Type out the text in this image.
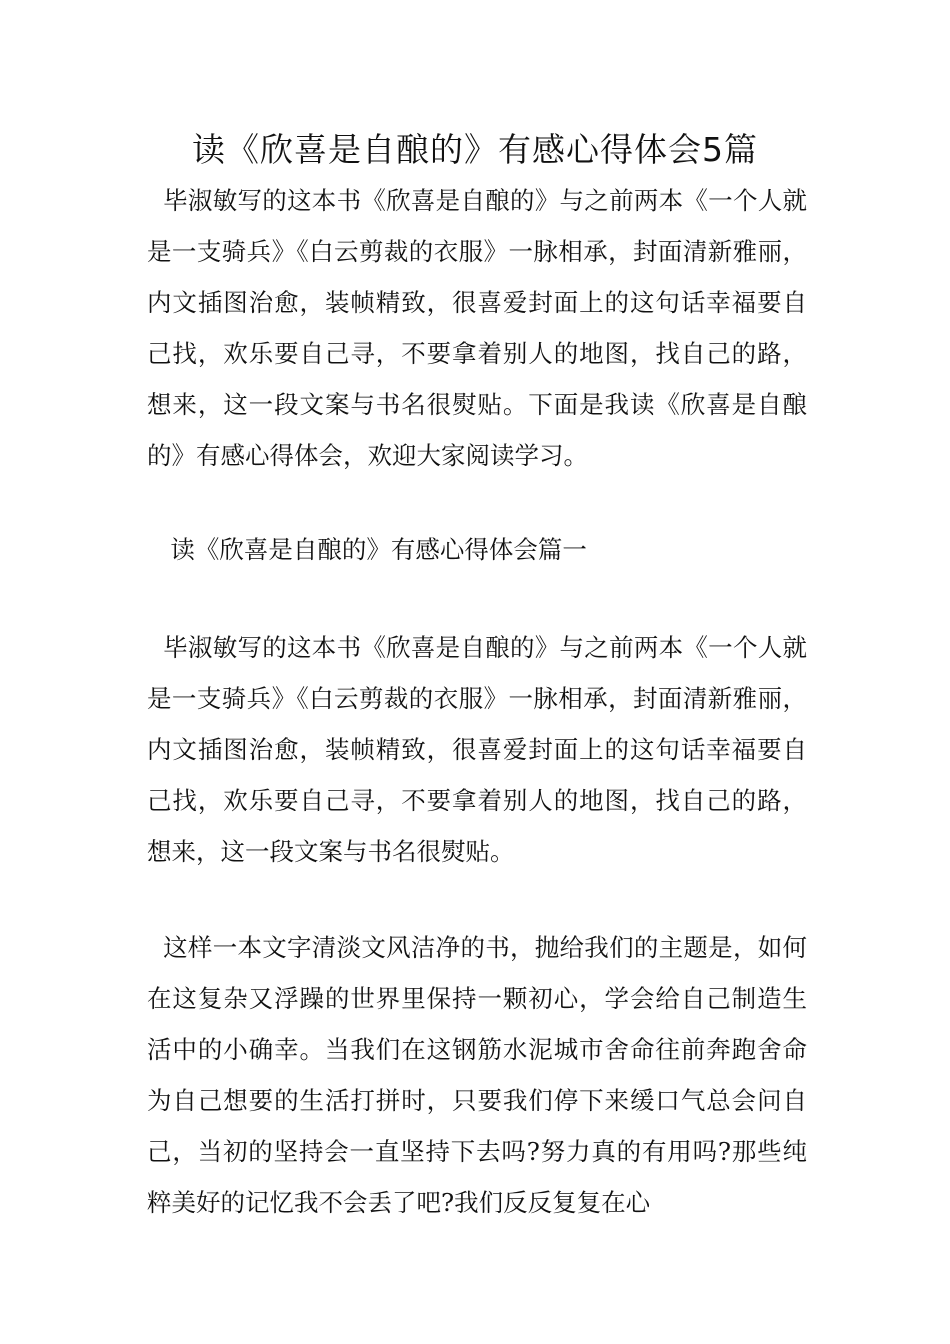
读《欣喜是自酿的》有感心得体会5篇

毕淑敏写的这本书《欣喜是自酿的》与之前两本《一个人就是一支骑兵》《白云剪裁的衣服》一脉相承，封面清新雅丽，内文插图治愈，装帧精致，很喜爱封面上的这句话幸福要自己找，欢乐要自己寻，不要拿着别人的地图，找自己的路，想来，这一段文案与书名很熨贴。下面是我读《欣喜是自酿的》有感心得体会，欢迎大家阅读学习。

读《欣喜是自酿的》有感心得体会篇一

毕淑敏写的这本书《欣喜是自酿的》与之前两本《一个人就是一支骑兵》《白云剪裁的衣服》一脉相承，封面清新雅丽，内文插图治愈，装帧精致，很喜爱封面上的这句话幸福要自己找，欢乐要自己寻，不要拿着别人的地图，找自己的路，想来，这一段文案与书名很熨贴。

这样一本文字清淡文风洁净的书，抛给我们的主题是，如何在这复杂又浮躁的世界里保持一颗初心，学会给自己制造生活中的小确幸。当我们在这钢筋水泥城市舍命往前奔跑舍命为自己想要的生活打拼时，只要我们停下来缓口气总会问自己，当初的坚持会一直坚持下去吗?努力真的有用吗?那些纯粹美好的记忆我不会丢了吧?我们反反复复在心
